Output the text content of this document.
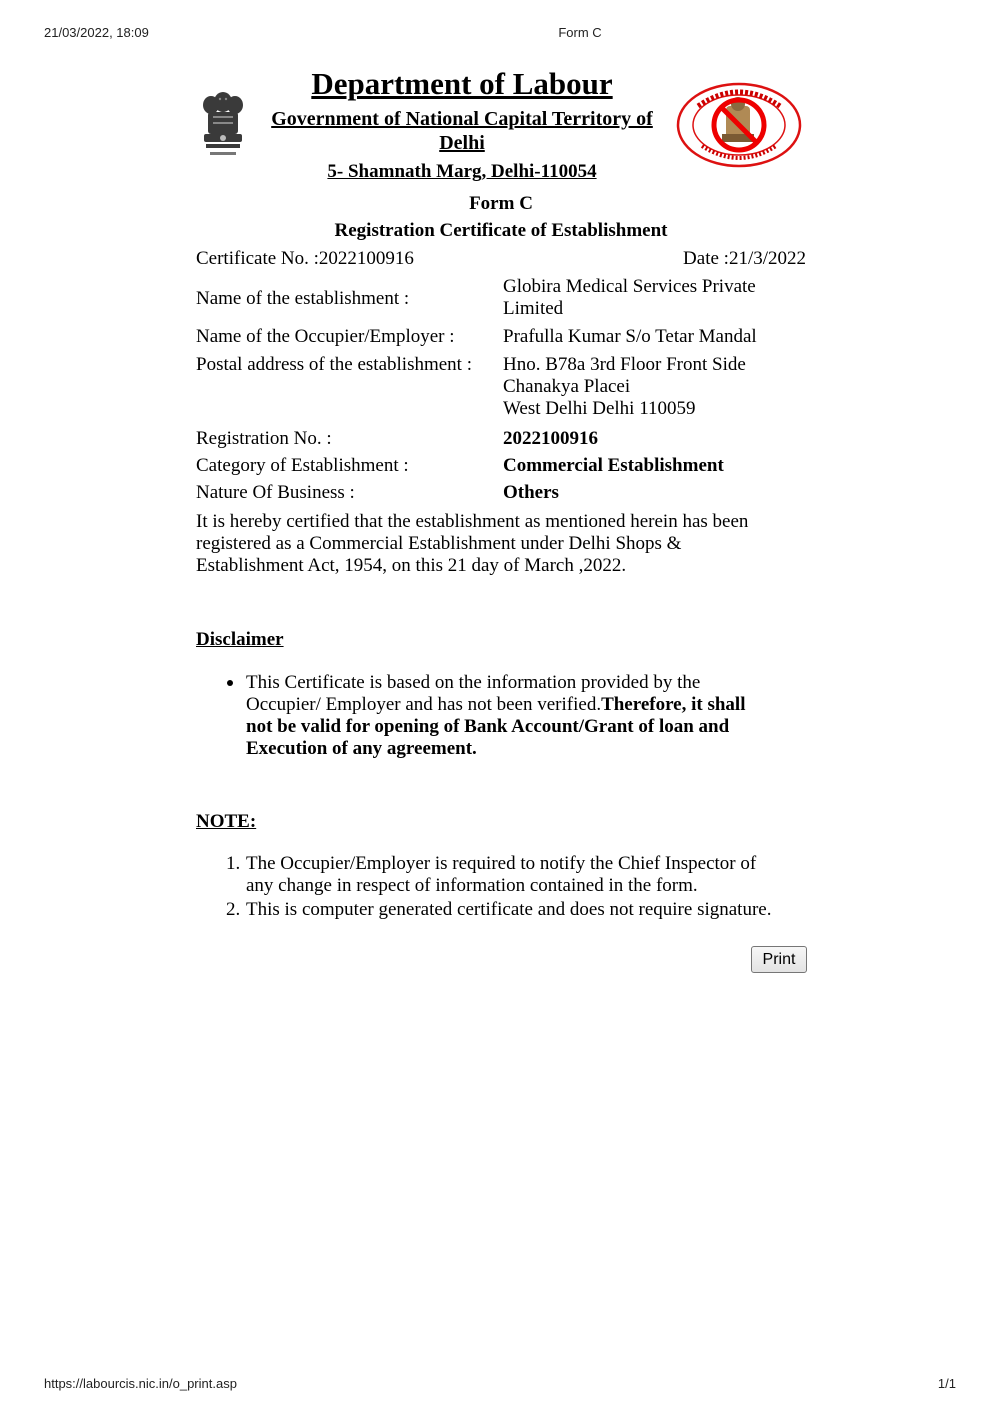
21/03/2022, 18:09	Form C
Department of Labour
Government of National Capital Territory of Delhi
5- Shamnath Marg, Delhi-110054
Form C
Registration Certificate of Establishment
Certificate No. :2022100916	Date :21/3/2022
Name of the establishment :
Globira Medical Services Private
Limited
Name of the Occupier/Employer :	Prafulla Kumar S/o Tetar Mandal
Postal address of the establishment : Hno. B78a 3rd Floor Front Side
Chanakya Placei
West Delhi Delhi 110059
Registration No. :	2022100916
Category of Establishment :	Commercial Establishment
Nature Of Business :	Others
It is hereby certified that the establishment as mentioned herein has been
registered as a Commercial Establishment under Delhi Shops &
Establishment Act, 1954, on this 21 day of March ,2022.
Disclaimer
This Certificate is based on the information provided by the
Occupier/ Employer and has not been verified.Therefore, it shall
not be valid for opening of Bank Account/Grant of loan and
Execution of any agreement.
NOTE:
1. The Occupier/Employer is required to notify the Chief Inspector of
any change in respect of information contained in the form.
2. This is computer generated certificate and does not require signature.
Print
https://labourcis.nic.in/o_print.asp	1/1
